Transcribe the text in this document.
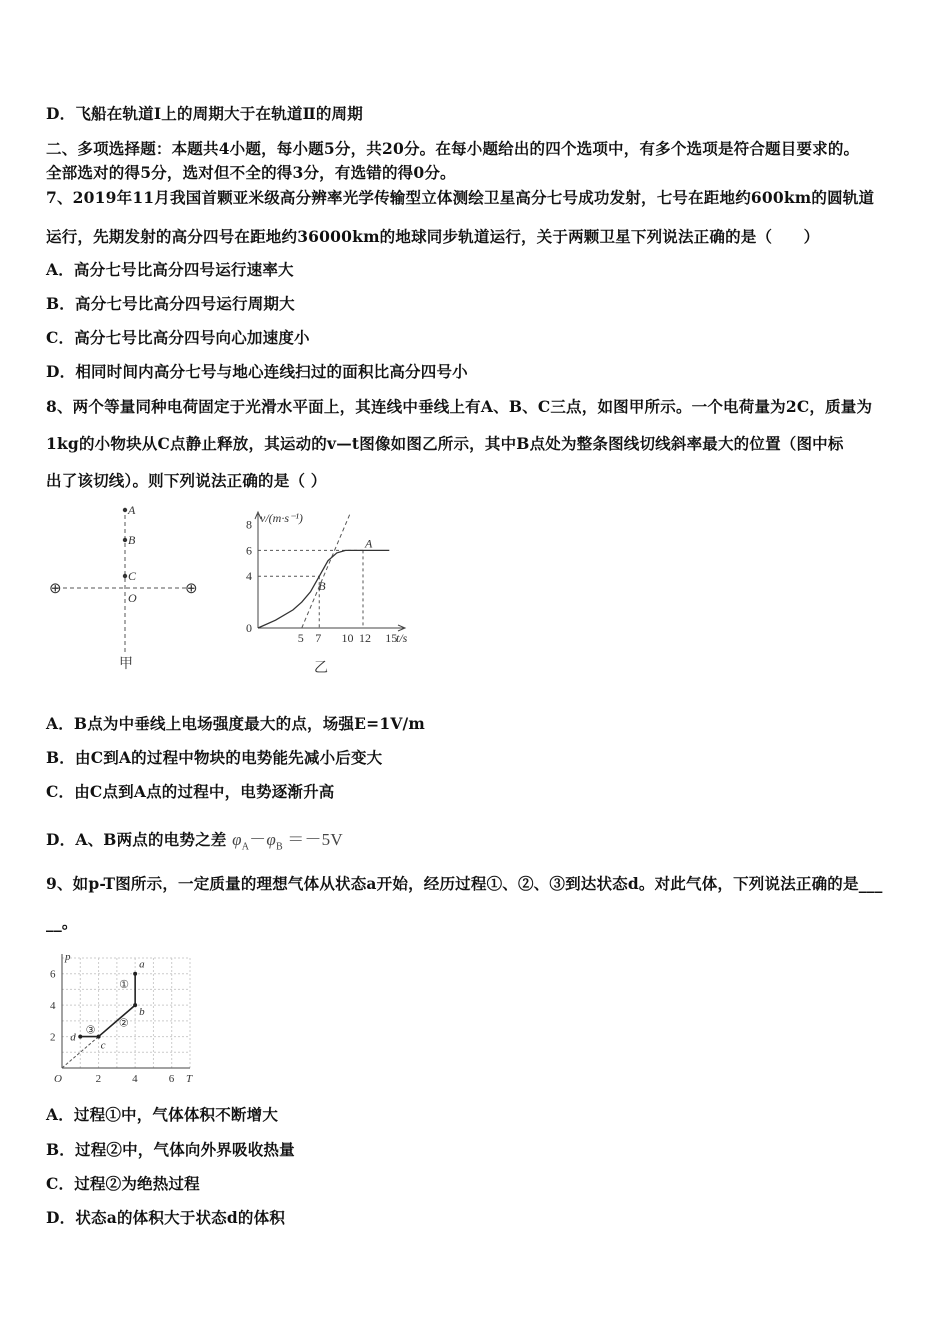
D．飞船在轨道Ⅰ上的周期大于在轨道Ⅱ的周期
二、多项选择题：本题共4小题，每小题5分，共20分。在每小题给出的四个选项中，有多个选项是符合题目要求的。
全部选对的得5分，选对但不全的得3分，有选错的得0分。
7、2019年11月我国首颗亚米级高分辨率光学传输型立体测绘卫星高分七号成功发射，七号在距地约600km的圆轨道
运行，先期发射的高分四号在距地约36000km的地球同步轨道运行，关于两颗卫星下列说法正确的是（　　）
A．高分七号比高分四号运行速率大
B．高分七号比高分四号运行周期大
C．高分七号比高分四号向心加速度小
D．相同时间内高分七号与地心连线扫过的面积比高分四号小
8、两个等量同种电荷固定于光滑水平面上，其连线中垂线上有A、B、C三点，如图甲所示。一个电荷量为2C，质量为
1kg的小物块从C点静止释放，其运动的v—t图像如图乙所示，其中B点处为整条图线切线斜率最大的位置（图中标
出了该切线）。则下列说法正确的是（ ）
⊕	⊕
A
B
C
O
甲
v/(m·s⁻¹)
t/s
0
5 7 10 12 15
4
6
8
B
A
乙
A．B点为中垂线上电场强度最大的点，场强E=1V/m
B．由C到A的过程中物块的电势能先减小后变大
C．由C点到A点的过程中，电势逐渐升高
D．A、B两点的电势之差 $\varphi_A-\varphi_B =-5V$
9、如p-T图所示，一定质量的理想气体从状态a开始，经历过程①、②、③到达状态d。对此气体，下列说法正确的是___
__。
p
T
O	2	4	6
2
4
6
a
b
c
d
①
②
③
A．过程①中，气体体积不断增大
B．过程②中，气体向外界吸收热量
C．过程②为绝热过程
D．状态a的体积大于状态d的体积
